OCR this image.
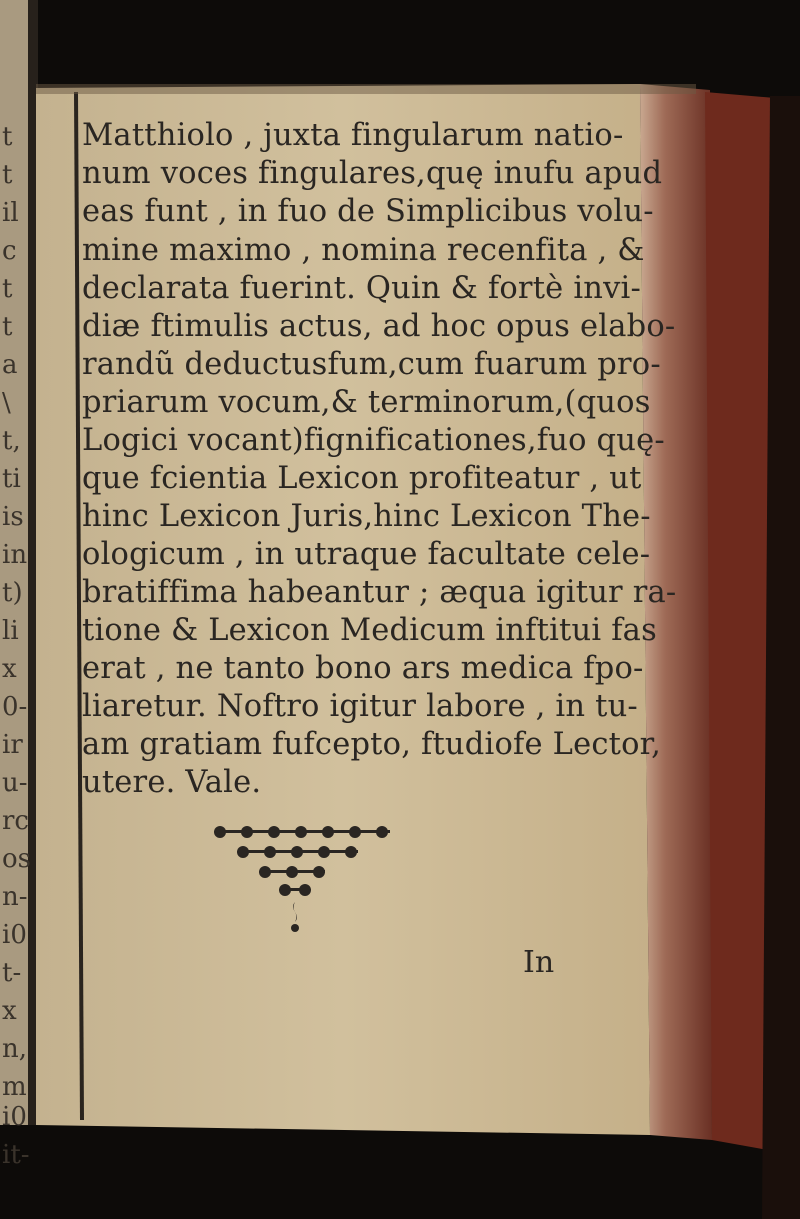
Matthiolo , juxta fingularum natio-
num voces fingulares,quę inufu apud
eas funt , in fuo de Simplicibus volu-
mine maximo , nomina recenfita , &
declarata fuerint. Quin & fortè invi-
diæ ftimulis actus, ad hoc opus elabo-
randũ deductusfum,cum fuarum pro-
priarum vocum,& terminorum,(quos
Logici vocant)fignificationes,fuo quę-
que fcientia Lexicon profiteatur , ut
hinc Lexicon Juris,hinc Lexicon The-
ologicum , in utraque facultate cele-
bratiffima habeantur ; æqua igitur ra-
tione & Lexicon Medicum inftitui fas
erat , ne tanto bono ars medica fpo-
liaretur. Noftro igitur labore , in tu-
am gratiam fufcepto, ftudiofe Lector,
utere. Vale.
t
t
il
c
t
t
a
\
t,
ti
is
in
t)
li
x
0-
ir
u-
rc
os
n-
i0
t-
x
n,
m
i0
it-
In
